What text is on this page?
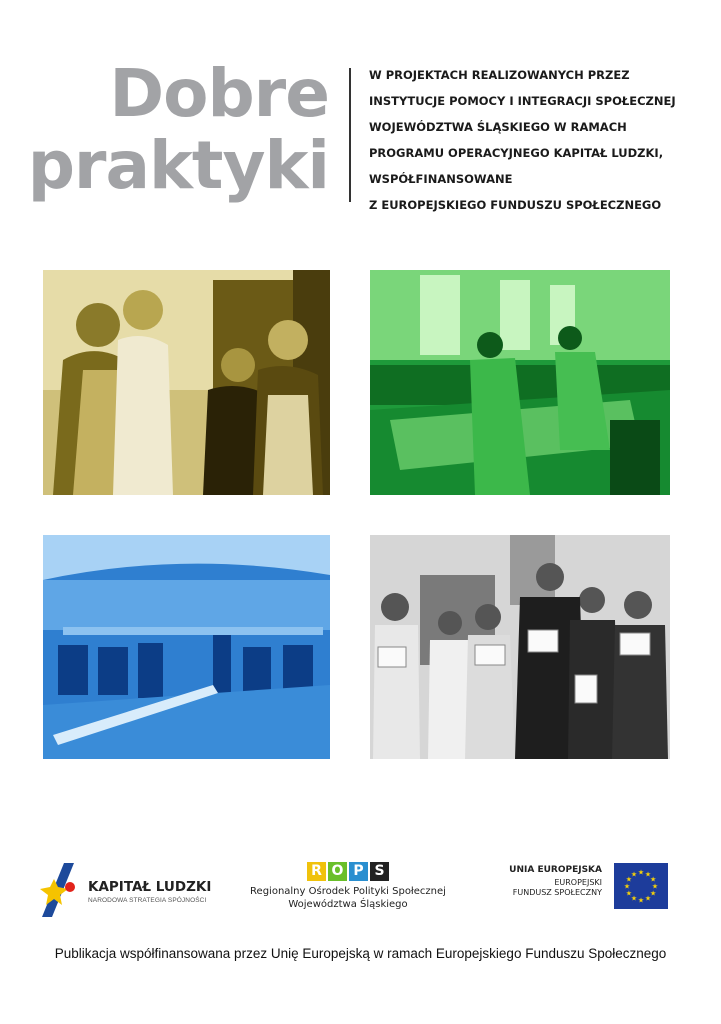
Dobre
praktyki
W PROJEKTACH REALIZOWANYCH PRZEZ
INSTYTUCJE POMOCY I INTEGRACJI SPOŁECZNEJ
WOJEWÓDZTWA ŚLĄSKIEGO W RAMACH
PROGRAMU OPERACYJNEGO KAPITAŁ LUDZKI,
WSPÓŁFINANSOWANE
Z EUROPEJSKIEGO FUNDUSZU SPOŁECZNEGO
KAPITAŁ LUDZKI
NARODOWA STRATEGIA SPÓJNOŚCI
R O P S
Regionalny Ośrodek Polityki Społecznej
Województwa Śląskiego
UNIA EUROPEJSKA
EUROPEJSKI
FUNDUSZ SPOŁECZNY
★
★
★
★
★
★
★
★
★ ★ ★
★
Publikacja współfinansowana przez Unię Europejską w ramach Europejskiego Funduszu Społecznego
